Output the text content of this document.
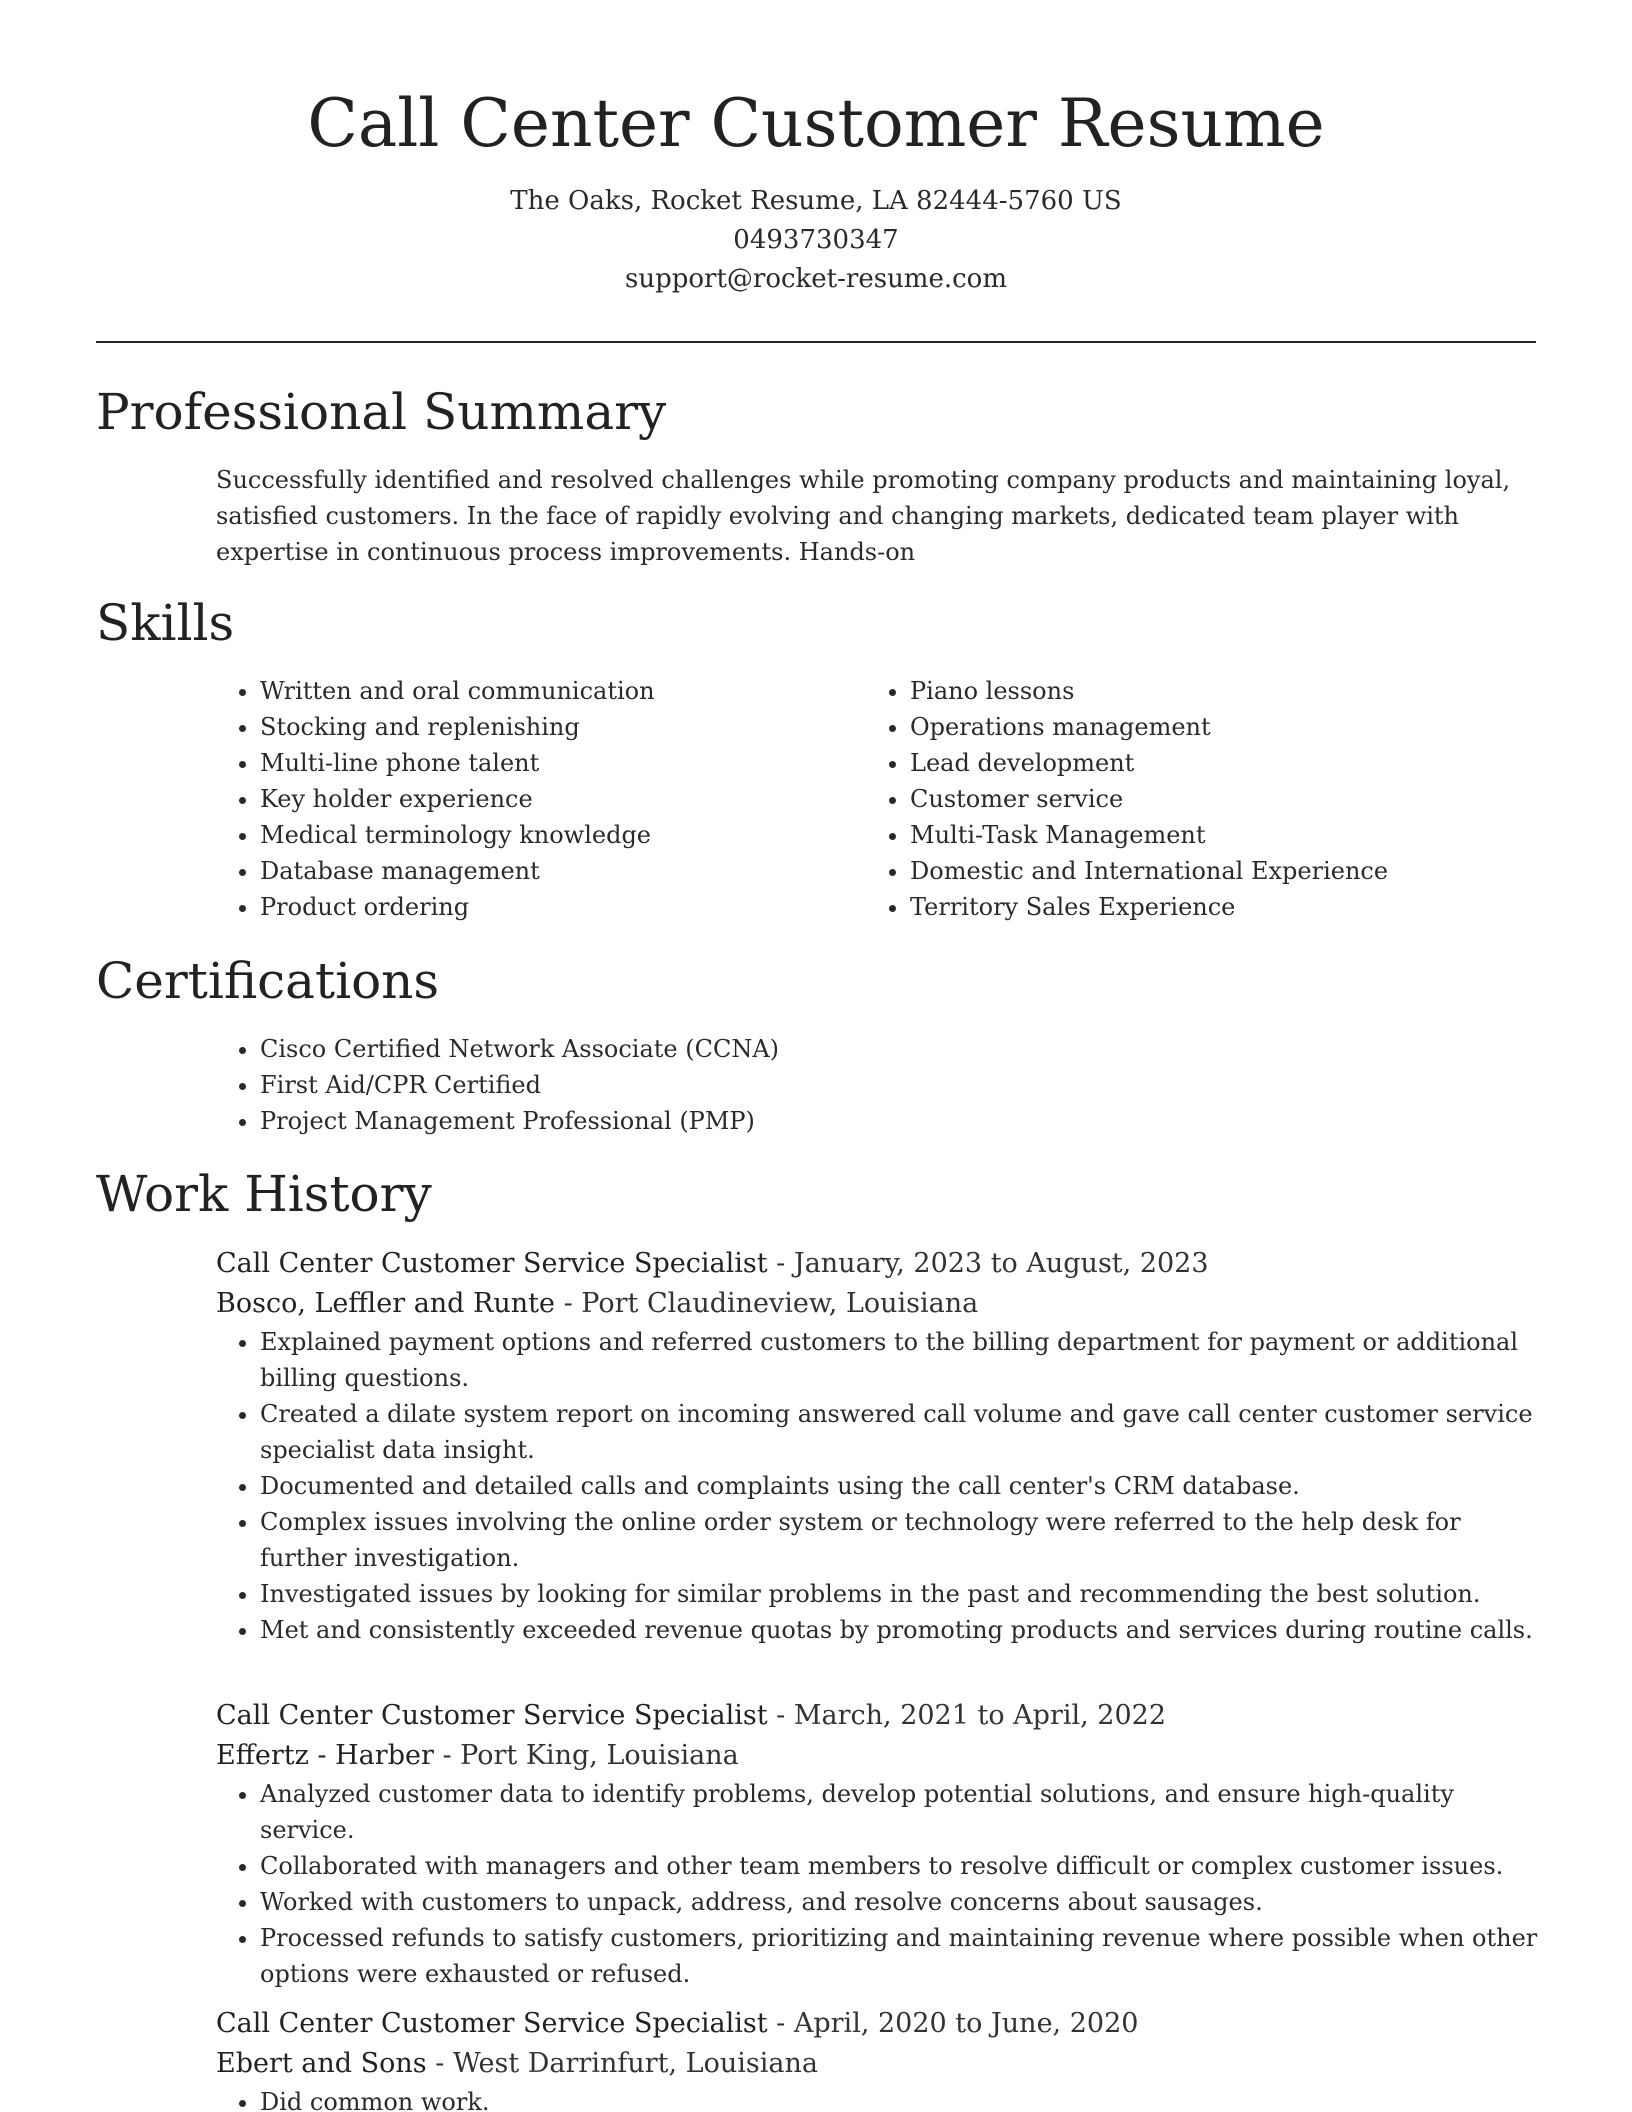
Call Center Customer Resume
The Oaks, Rocket Resume, LA 82444-5760 US
0493730347
support@rocket-resume.com
Professional Summary

Successfully identified and resolved challenges while promoting company products and maintaining loyal, satisfied customers. In the face of rapidly evolving and changing markets, dedicated team player with expertise in continuous process improvements. Hands-on

Skills
• Written and oral communication
• Stocking and replenishing
• Multi-line phone talent
• Key holder experience
• Medical terminology knowledge
• Database management
• Product ordering
• Piano lessons
• Operations management
• Lead development
• Customer service
• Multi-Task Management
• Domestic and International Experience
• Territory Sales Experience
Certifications
• Cisco Certified Network Associate (CCNA)
• First Aid/CPR Certified
• Project Management Professional (PMP)
Work History
Call Center Customer Service Specialist - January, 2023 to August, 2023
Bosco, Leffler and Runte - Port Claudineview, Louisiana
• Explained payment options and referred customers to the billing department for payment or additional billing questions.
• Created a dilate system report on incoming answered call volume and gave call center customer service specialist data insight.
• Documented and detailed calls and complaints using the call center's CRM database.
• Complex issues involving the online order system or technology were referred to the help desk for further investigation.
• Investigated issues by looking for similar problems in the past and recommending the best solution.
• Met and consistently exceeded revenue quotas by promoting products and services during routine calls.
Call Center Customer Service Specialist - March, 2021 to April, 2022
Effertz - Harber - Port King, Louisiana
• Analyzed customer data to identify problems, develop potential solutions, and ensure high-quality service.
• Collaborated with managers and other team members to resolve difficult or complex customer issues.
• Worked with customers to unpack, address, and resolve concerns about sausages.
• Processed refunds to satisfy customers, prioritizing and maintaining revenue where possible when other options were exhausted or refused.
Call Center Customer Service Specialist - April, 2020 to June, 2020
Ebert and Sons - West Darrinfurt, Louisiana
• Did common work.
